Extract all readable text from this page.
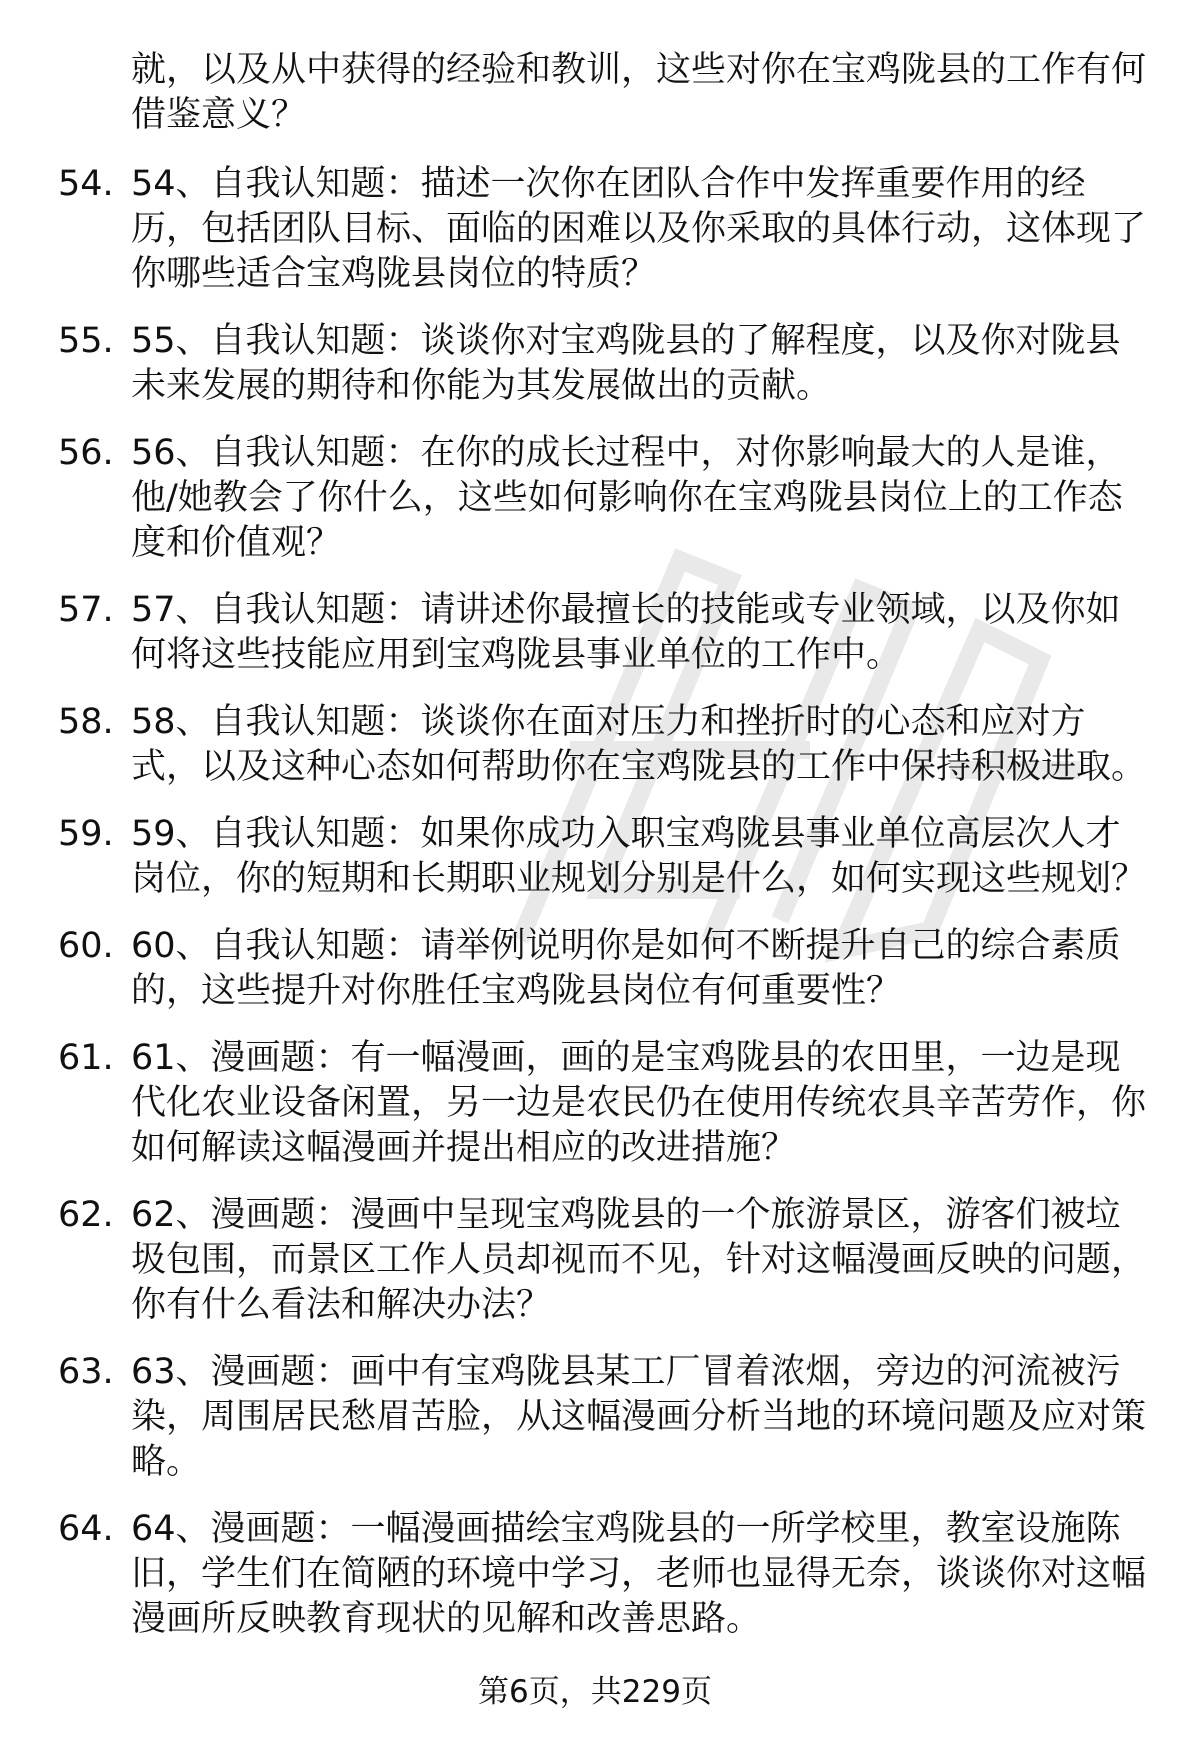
就，以及从中获得的经验和教训，这些对你在宝鸡陇县的工作有何借鉴意义？
54. 54、自我认知题：描述一次你在团队合作中发挥重要作用的经历，包括团队目标、面临的困难以及你采取的具体行动，这体现了你哪些适合宝鸡陇县岗位的特质？
55. 55、自我认知题：谈谈你对宝鸡陇县的了解程度，以及你对陇县未来发展的期待和你能为其发展做出的贡献。
56. 56、自我认知题：在你的成长过程中，对你影响最大的人是谁，他/她教会了你什么，这些如何影响你在宝鸡陇县岗位上的工作态度和价值观？
57. 57、自我认知题：请讲述你最擅长的技能或专业领域，以及你如何将这些技能应用到宝鸡陇县事业单位的工作中。
58. 58、自我认知题：谈谈你在面对压力和挫折时的心态和应对方式，以及这种心态如何帮助你在宝鸡陇县的工作中保持积极进取。
59. 59、自我认知题：如果你成功入职宝鸡陇县事业单位高层次人才岗位，你的短期和长期职业规划分别是什么，如何实现这些规划？
60. 60、自我认知题：请举例说明你是如何不断提升自己的综合素质的，这些提升对你胜任宝鸡陇县岗位有何重要性？
61. 61、漫画题：有一幅漫画，画的是宝鸡陇县的农田里，一边是现代化农业设备闲置，另一边是农民仍在使用传统农具辛苦劳作，你如何解读这幅漫画并提出相应的改进措施？
62. 62、漫画题：漫画中呈现宝鸡陇县的一个旅游景区，游客们被垃圾包围，而景区工作人员却视而不见，针对这幅漫画反映的问题，你有什么看法和解决办法？
63. 63、漫画题：画中有宝鸡陇县某工厂冒着浓烟，旁边的河流被污染，周围居民愁眉苦脸，从这幅漫画分析当地的环境问题及应对策略。
64. 64、漫画题：一幅漫画描绘宝鸡陇县的一所学校里，教室设施陈旧，学生们在简陋的环境中学习，老师也显得无奈，谈谈你对这幅漫画所反映教育现状的见解和改善思路。
第6页，共229页
